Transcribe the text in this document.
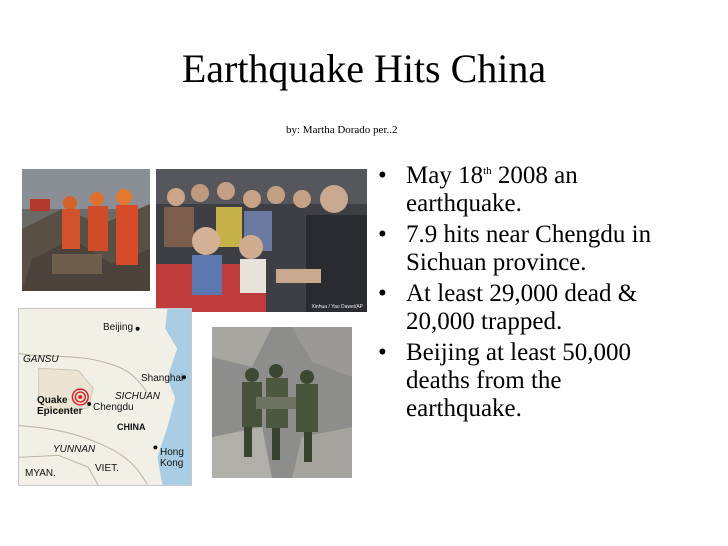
Earthquake Hits China
by: Martha Dorado per..2
Xinhua / Yao Dawei/AP
Beijing
GANSU
Shanghai
SICHUAN
Quake
Epicenter Chengdu
CHINA
YUNNAN	Hong
Kong
MYAN.	VIET.
• May 18th 2008 an earthquake.
• 7.9 hits near Chengdu in Sichuan province.
• At least 29,000 dead & 20,000 trapped.
• Beijing at least 50,000 deaths from the earthquake.
